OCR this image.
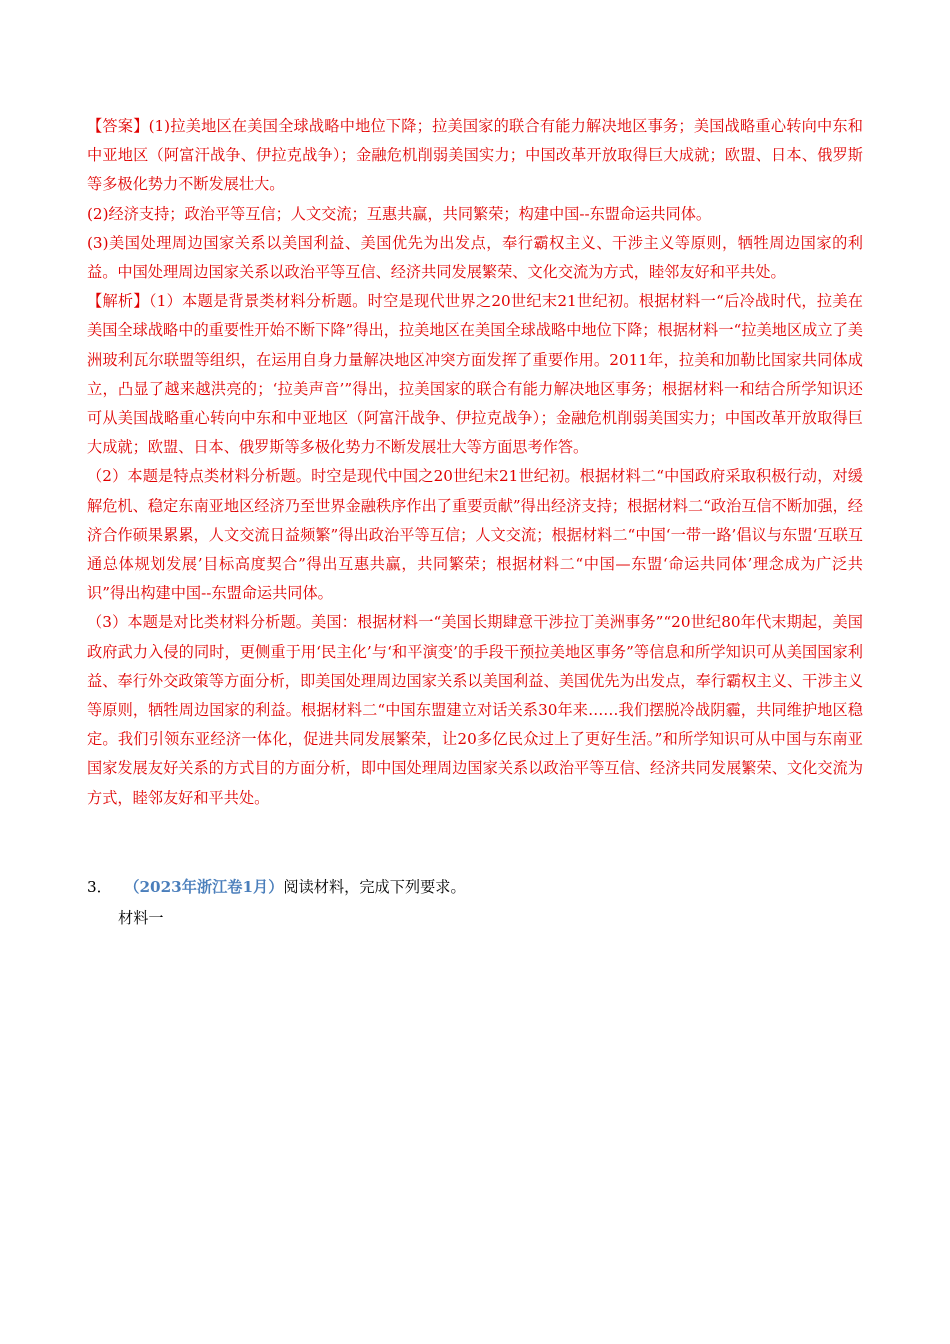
【答案】(1)拉美地区在美国全球战略中地位下降；拉美国家的联合有能力解决地区事务；美国战略重心转向中东和中亚地区（阿富汗战争、伊拉克战争）；金融危机削弱美国实力；中国改革开放取得巨大成就；欧盟、日本、俄罗斯等多极化势力不断发展壮大。

(2)经济支持；政治平等互信；人文交流；互惠共赢，共同繁荣；构建中国--东盟命运共同体。

(3)美国处理周边国家关系以美国利益、美国优先为出发点，奉行霸权主义、干涉主义等原则，牺牲周边国家的利益。中国处理周边国家关系以政治平等互信、经济共同发展繁荣、文化交流为方式，睦邻友好和平共处。

【解析】（1）本题是背景类材料分析题。时空是现代世界之20世纪末21世纪初。根据材料一“后冷战时代，拉美在美国全球战略中的重要性开始不断下降”得出，拉美地区在美国全球战略中地位下降；根据材料一“拉美地区成立了美洲玻利瓦尔联盟等组织，在运用自身力量解决地区冲突方面发挥了重要作用。2011年，拉美和加勒比国家共同体成立，凸显了越来越洪亮的；‘拉美声音’”得出，拉美国家的联合有能力解决地区事务；根据材料一和结合所学知识还可从美国战略重心转向中东和中亚地区（阿富汗战争、伊拉克战争）；金融危机削弱美国实力；中国改革开放取得巨大成就；欧盟、日本、俄罗斯等多极化势力不断发展壮大等方面思考作答。

（2）本题是特点类材料分析题。时空是现代中国之20世纪末21世纪初。根据材料二“中国政府采取积极行动，对缓解危机、稳定东南亚地区经济乃至世界金融秩序作出了重要贡献”得出经济支持；根据材料二“政治互信不断加强，经济合作硕果累累，人文交流日益频繁”得出政治平等互信；人文交流；根据材料二“中国‘一带一路’倡议与东盟‘互联互通总体规划发展’目标高度契合”得出互惠共赢，共同繁荣；根据材料二“中国—东盟‘命运共同体’理念成为广泛共识”得出构建中国--东盟命运共同体。

（3）本题是对比类材料分析题。美国：根据材料一“美国长期肆意干涉拉丁美洲事务”“20世纪80年代末期起，美国政府武力入侵的同时，更侧重于用‘民主化’与‘和平演变’的手段干预拉美地区事务”等信息和所学知识可从美国国家利益、奉行外交政策等方面分析，即美国处理周边国家关系以美国利益、美国优先为出发点，奉行霸权主义、干涉主义等原则，牺牲周边国家的利益。根据材料二“中国东盟建立对话关系30年来……我们摆脱冷战阴霾，共同维护地区稳定。我们引领东亚经济一体化，促进共同发展繁荣，让20多亿民众过上了更好生活。”和所学知识可从中国与东南亚国家发展友好关系的方式目的方面分析，即中国处理周边国家关系以政治平等互信、经济共同发展繁荣、文化交流为方式，睦邻友好和平共处。

3． （2023年浙江卷1月）阅读材料，完成下列要求。
材料一
